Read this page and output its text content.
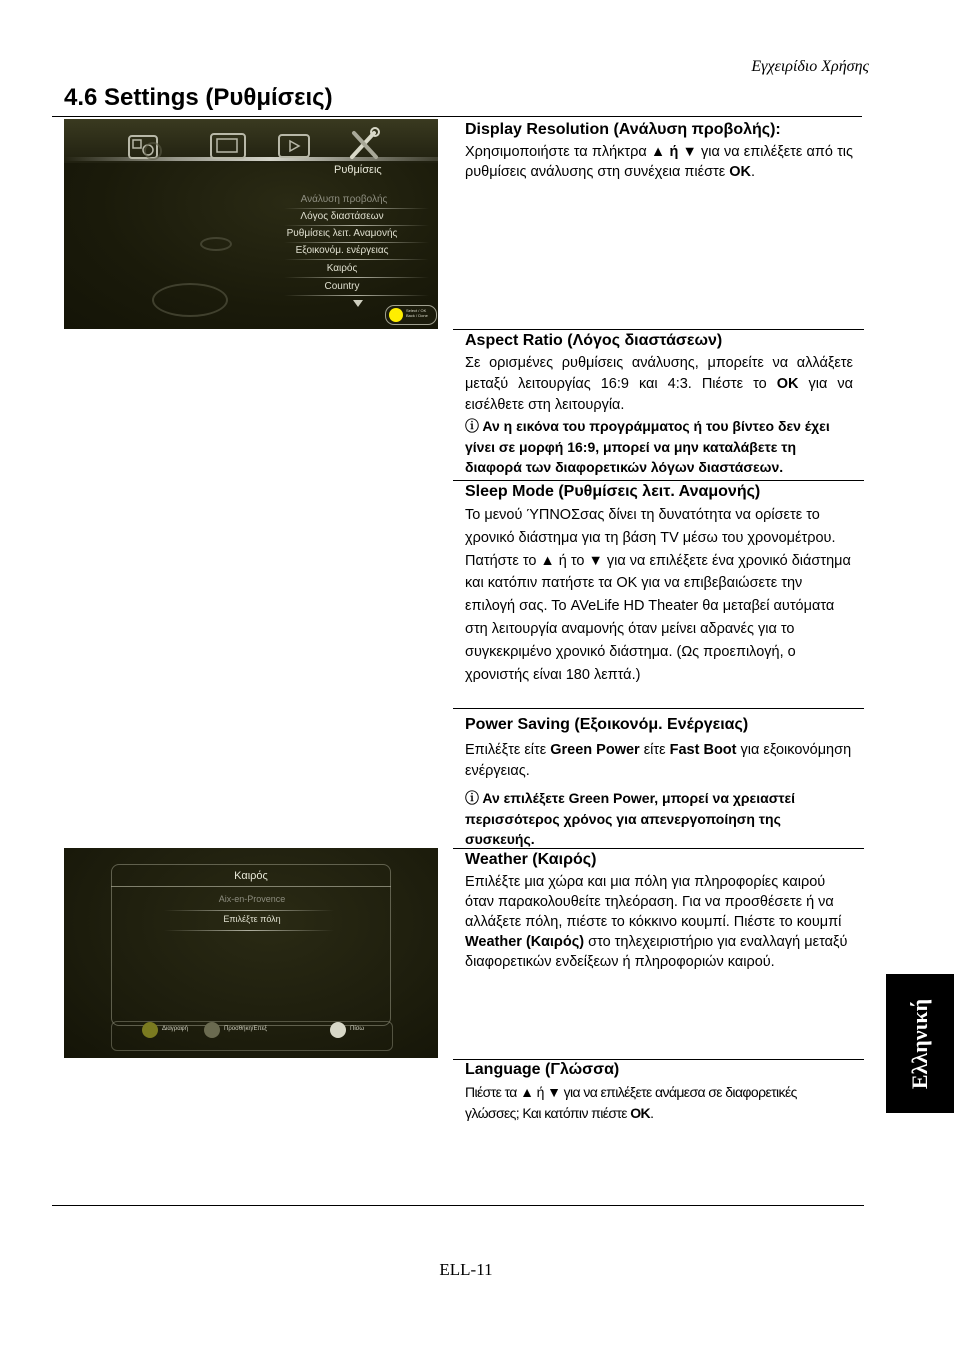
Εγχειρίδιο Χρήσης
4.6 Settings (Ρυθμίσεις)
Ρυθμίσεις
Ανάλυση προβολής
Λόγος διαστάσεων
Ρυθμίσεις λειτ. Αναμονής
Εξοικονόμ. ενέργειας
Καιρός
Country
Select / OK Back / Done
Καιρός
Aix-en-Provence
Επιλέξτε πόλη
Διαγραφή	Προσθήκη/Επεξ	Πίσω
Display Resolution (Ανάλυση προβολής):

Χρησιμοποιήστε τα πλήκτρα ▲ ή ▼ για να επιλέξετε από τις ρυθμίσεις ανάλυσης στη συνέχεια πιέστε OK.

Aspect Ratio (Λόγος διαστάσεων)

Σε ορισμένες ρυθμίσεις ανάλυσης, μπορείτε να αλλάξετε μεταξύ λειτουργίας 16:9 και 4:3. Πιέστε το OK για να εισέλθετε στη λειτουργία.

ⓘ Αν η εικόνα του προγράμματος ή του βίντεο δεν έχει γίνει σε μορφή 16:9, μπορεί να μην καταλάβετε τη διαφορά των διαφορετικών λόγων διαστάσεων.

Sleep Mode (Ρυθμίσεις λειτ. Αναμονής)

Το μενού ΎΠΝΟΣσας δίνει τη δυνατότητα να ορίσετε το χρονικό διάστημα για τη βάση TV μέσω του χρονομέτρου.

Πατήστε το ▲ ή το ▼ για να επιλέξετε ένα χρονικό διάστημα και κατόπιν πατήστε τα OK για να επιβεβαιώσετε την επιλογή σας. Το AVeLife HD Theater θα μεταβεί αυτόματα στη λειτουργία αναμονής όταν μείνει αδρανές για το συγκεκριμένο χρονικό διάστημα. (Ως προεπιλογή, ο χρονιστής είναι 180 λεπτά.)

Power Saving (Εξοικονόμ. Ενέργειας)

Επιλέξτε είτε Green Power είτε Fast Boot για εξοικονόμηση ενέργειας.

ⓘ Αν επιλέξετε Green Power, μπορεί να χρειαστεί περισσότερος χρόνος για απενεργοποίηση της συσκευής.

Weather (Καιρός)

Επιλέξτε μια χώρα και μια πόλη για πληροφορίες καιρού όταν παρακολουθείτε τηλεόραση. Για να προσθέσετε ή να αλλάξετε πόλη, πιέστε το κόκκινο κουμπί. Πιέστε το κουμπί Weather (Καιρός) στο τηλεχειριστήριο για εναλλαγή μεταξύ διαφορετικών ενδείξεων ή πληροφοριών καιρού.

Language (Γλώσσα)

Πιέστε τα ▲ ή ▼ για να επιλέξετε ανάμεσα σε διαφορετικές γλώσσες; Και κατόπιν πιέστε OK.

Ελληνική
ELL-11
